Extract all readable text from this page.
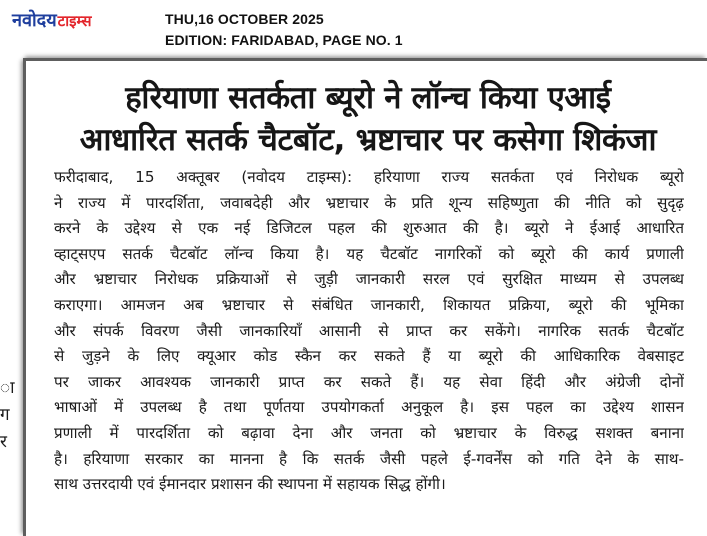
नवोदय टाइम्स	THU,16 OCTOBER 2025
EDITION: FARIDABAD, PAGE NO. 1
ा
ग
र
हरियाणा सतर्कता ब्यूरो ने लॉन्च किया एआई
आधारित सतर्क चैटबॉट, भ्रष्टाचार पर कसेगा शिकंजा
फरीदाबाद, 15 अक्तूबर (नवोदय टाइम्स): हरियाणा राज्य सतर्कता एवं निरोधक ब्यूरो
ने राज्य में पारदर्शिता, जवाबदेही और भ्रष्टाचार के प्रति शून्य सहिष्णुता की नीति को सुदृढ़
करने के उद्देश्य से एक नई डिजिटल पहल की शुरुआत की है। ब्यूरो ने ईआई आधारित
व्हाट्सएप सतर्क चैटबॉट लॉन्च किया है। यह चैटबॉट नागरिकों को ब्यूरो की कार्य प्रणाली
और भ्रष्टाचार निरोधक प्रक्रियाओं से जुड़ी जानकारी सरल एवं सुरक्षित माध्यम से उपलब्ध
कराएगा। आमजन अब भ्रष्टाचार से संबंधित जानकारी, शिकायत प्रक्रिया, ब्यूरो की भूमिका
और संपर्क विवरण जैसी जानकारियाँ आसानी से प्राप्त कर सकेंगे। नागरिक सतर्क चैटबॉट
से जुड़ने के लिए क्यूआर कोड स्कैन कर सकते हैं या ब्यूरो की आधिकारिक वेबसाइट
पर जाकर आवश्यक जानकारी प्राप्त कर सकते हैं। यह सेवा हिंदी और अंग्रेजी दोनों
भाषाओं में उपलब्ध है तथा पूर्णतया उपयोगकर्ता अनुकूल है। इस पहल का उद्देश्य शासन
प्रणाली में पारदर्शिता को बढ़ावा देना और जनता को भ्रष्टाचार के विरुद्ध सशक्त बनाना
है। हरियाणा सरकार का मानना है कि सतर्क जैसी पहले ई-गवर्नेंस को गति देने के साथ-
साथ उत्तरदायी एवं ईमानदार प्रशासन की स्थापना में सहायक सिद्ध होंगी।
